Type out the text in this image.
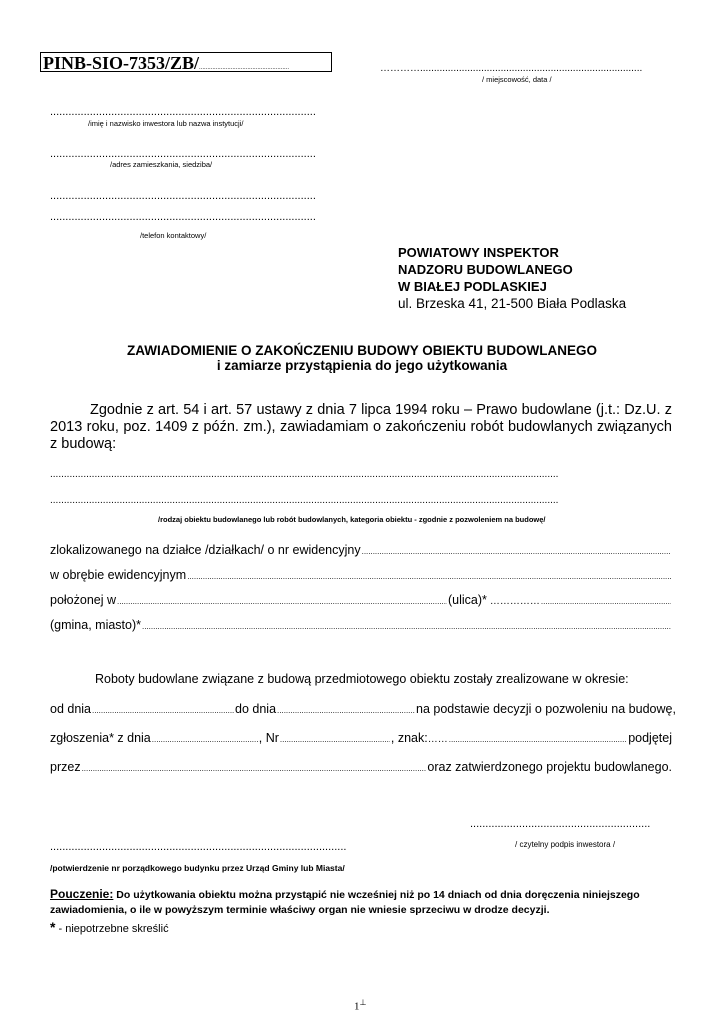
PINB-SIO-7353/ZB/......................................................	…………................................................................................
/ miejscowość, data /
.......................................................................................
/imię i nazwisko inwestora lub nazwa instytucji/
.......................................................................................
/adres zamieszkania, siedziba/
.......................................................................................
.......................................................................................
/telefon kontaktowy/
POWIATOWY INSPEKTOR
NADZORU BUDOWLANEGO
W BIAŁEJ PODLASKIEJ
ul. Brzeska 41, 21-500 Biała Podlaska
ZAWIADOMIENIE O ZAKOŃCZENIU BUDOWY OBIEKTU BUDOWLANEGO
i zamiarze przystąpienia do jego użytkowania
Zgodnie z art. 54 i art. 57 ustawy z dnia 7 lipca 1994 roku – Prawo budowlane (j.t.: Dz.U. z 2013 roku, poz. 1409 z późn. zm.), zawiadamiam o zakończeniu robót budowlanych związanych z budową:
.......................................................................................................................................................................................
.......................................................................................................................................................................................
/rodzaj obiektu budowlanego lub robót budowlanych, kategoria obiektu - zgodnie z pozwoleniem na budowę/
zlokalizowanego na działce /działkach/ o nr ewidencyjny
.....
w obrębie ewidencyjnym
.....
położonej w .....	(ulica)* ……………
.....
(gmina, miasto)*
.....
Roboty budowlane związane z budową przedmiotowego obiektu zostały zrealizowane w okresie:
od dnia .....	do dnia .....	na podstawie decyzji o pozwoleniu na budowę,
zgłoszenia* z dnia .....	, Nr .....	, znak: …… .....	podjętej
przez .....	oraz zatwierdzonego projektu budowlanego.
...........................................................
/ czytelny podpis inwestora /
.................................................................................................
/potwierdzenie nr porządkowego budynku przez Urząd Gminy lub Miasta/
Pouczenie: Do użytkowania obiektu można przystąpić nie wcześniej niż po 14 dniach od dnia doręczenia niniejszego zawiadomienia, o ile w powyższym terminie właściwy organ nie wniesie sprzeciwu w drodze decyzji.
* - niepotrzebne skreślić
1⊥
